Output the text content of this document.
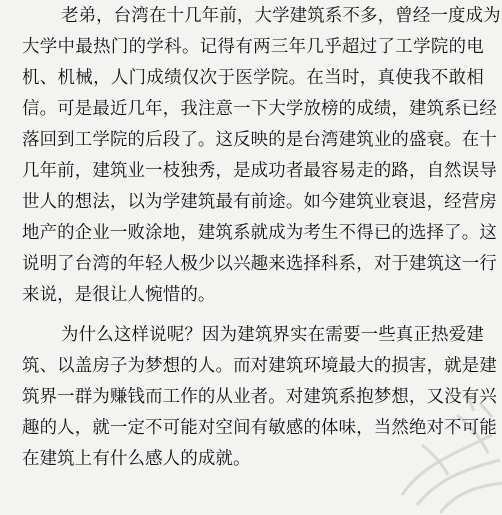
老弟，台湾在十几年前，大学建筑系不多，曾经一度成为
大学中最热门的学科。记得有两三年几乎超过了工学院的电
机、机械，人门成绩仅次于医学院。在当时，真使我不敢相
信。可是最近几年，我注意一下大学放榜的成绩，建筑系已经
落回到工学院的后段了。这反映的是台湾建筑业的盛衰。在十
几年前，建筑业一枝独秀，是成功者最容易走的路，自然误导
世人的想法，以为学建筑最有前途。如今建筑业衰退，经营房
地产的企业一败涂地，建筑系就成为考生不得已的选择了。这
说明了台湾的年轻人极少以兴趣来选择科系，对于建筑这一行
来说，是很让人惋惜的。
为什么这样说呢？因为建筑界实在需要一些真正热爱建
筑、以盖房子为梦想的人。而对建筑环境最大的损害，就是建
筑界一群为赚钱而工作的从业者。对建筑系抱梦想，又没有兴
趣的人，就一定不可能对空间有敏感的体味，当然绝对不可能
在建筑上有什么感人的成就。
